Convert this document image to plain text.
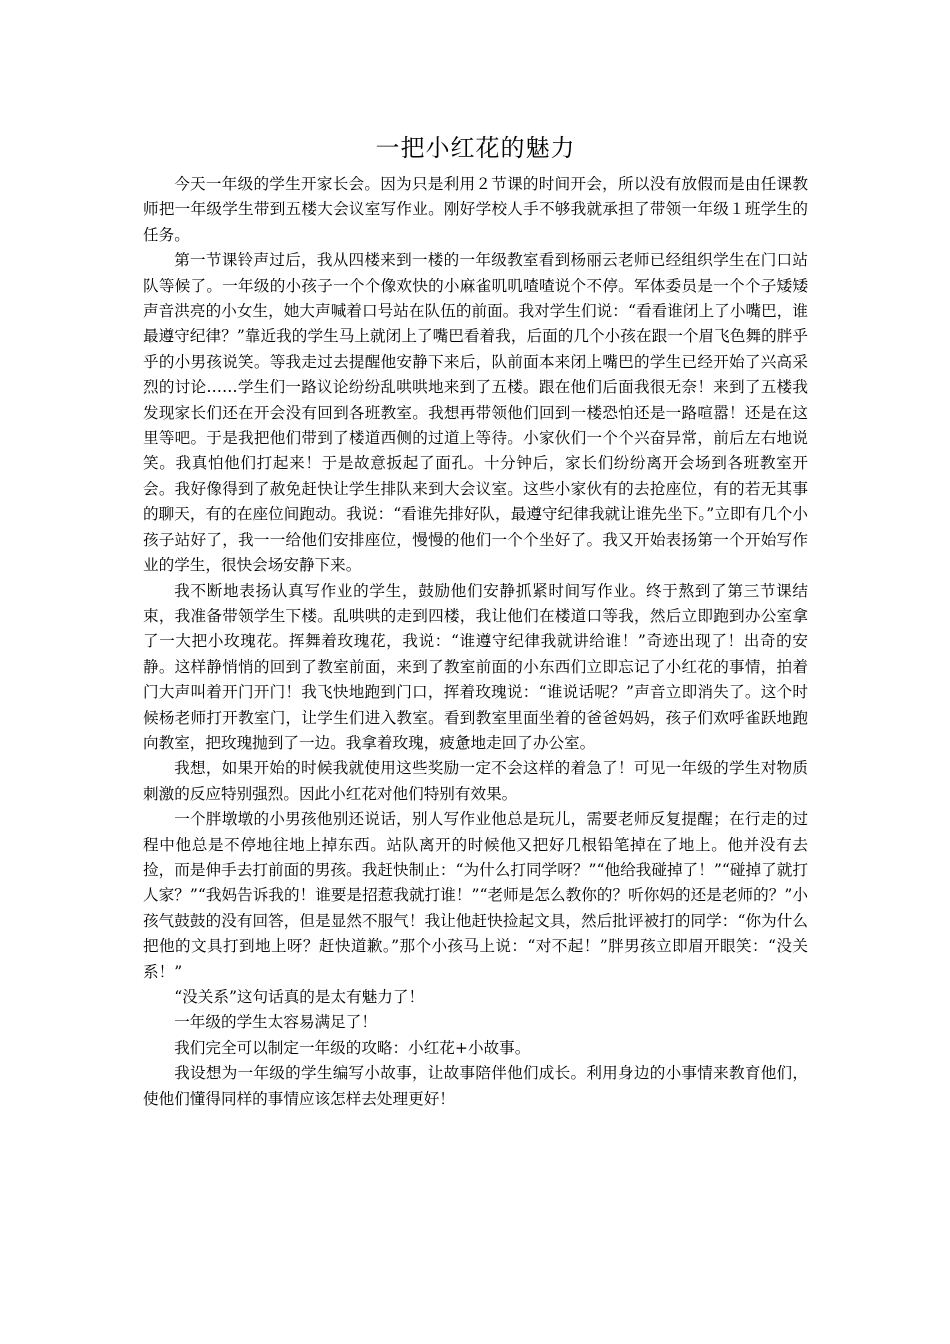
一把小红花的魅力

今天一年级的学生开家长会。因为只是利用２节课的时间开会，所以没有放假而是由任课教师把一年级学生带到五楼大会议室写作业。刚好学校人手不够我就承担了带领一年级１班学生的任务。

第一节课铃声过后，我从四楼来到一楼的一年级教室看到杨丽云老师已经组织学生在门口站队等候了。一年级的小孩子一个个像欢快的小麻雀叽叽喳喳说个不停。军体委员是一个个子矮矮声音洪亮的小女生，她大声喊着口号站在队伍的前面。我对学生们说：“看看谁闭上了小嘴巴，谁最遵守纪律？”靠近我的学生马上就闭上了嘴巴看着我，后面的几个小孩在跟一个眉飞色舞的胖乎乎的小男孩说笑。等我走过去提醒他安静下来后，队前面本来闭上嘴巴的学生已经开始了兴高采烈的讨论……学生们一路议论纷纷乱哄哄地来到了五楼。跟在他们后面我很无奈！来到了五楼我发现家长们还在开会没有回到各班教室。我想再带领他们回到一楼恐怕还是一路喧嚣！还是在这里等吧。于是我把他们带到了楼道西侧的过道上等待。小家伙们一个个兴奋异常，前后左右地说笑。我真怕他们打起来！于是故意扳起了面孔。十分钟后，家长们纷纷离开会场到各班教室开会。我好像得到了赦免赶快让学生排队来到大会议室。这些小家伙有的去抢座位，有的若无其事的聊天，有的在座位间跑动。我说：“看谁先排好队，最遵守纪律我就让谁先坐下。”立即有几个小孩子站好了，我一一给他们安排座位，慢慢的他们一个个坐好了。我又开始表扬第一个开始写作业的学生，很快会场安静下来。

我不断地表扬认真写作业的学生，鼓励他们安静抓紧时间写作业。终于熬到了第三节课结束，我准备带领学生下楼。乱哄哄的走到四楼，我让他们在楼道口等我，然后立即跑到办公室拿了一大把小玫瑰花。挥舞着玫瑰花，我说：“谁遵守纪律我就讲给谁！”奇迹出现了！出奇的安静。这样静悄悄的回到了教室前面，来到了教室前面的小东西们立即忘记了小红花的事情，拍着门大声叫着开门开门！我飞快地跑到门口，挥着玫瑰说：“谁说话呢？”声音立即消失了。这个时候杨老师打开教室门，让学生们进入教室。看到教室里面坐着的爸爸妈妈，孩子们欢呼雀跃地跑向教室，把玫瑰抛到了一边。我拿着玫瑰，疲惫地走回了办公室。

我想，如果开始的时候我就使用这些奖励一定不会这样的着急了！可见一年级的学生对物质刺激的反应特别强烈。因此小红花对他们特别有效果。

一个胖墩墩的小男孩他别还说话，别人写作业他总是玩儿，需要老师反复提醒；在行走的过程中他总是不停地往地上掉东西。站队离开的时候他又把好几根铅笔掉在了地上。他并没有去捡，而是伸手去打前面的男孩。我赶快制止：“为什么打同学呀？”“他给我碰掉了！”“碰掉了就打人家？”“我妈告诉我的！谁要是招惹我就打谁！”“老师是怎么教你的？听你妈的还是老师的？”小孩气鼓鼓的没有回答，但是显然不服气！我让他赶快捡起文具，然后批评被打的同学：“你为什么把他的文具打到地上呀？赶快道歉。”那个小孩马上说：“对不起！”胖男孩立即眉开眼笑：“没关系！”

“没关系”这句话真的是太有魅力了！

一年级的学生太容易满足了！

我们完全可以制定一年级的攻略：小红花+小故事。

我设想为一年级的学生编写小故事，让故事陪伴他们成长。利用身边的小事情来教育他们，使他们懂得同样的事情应该怎样去处理更好！
